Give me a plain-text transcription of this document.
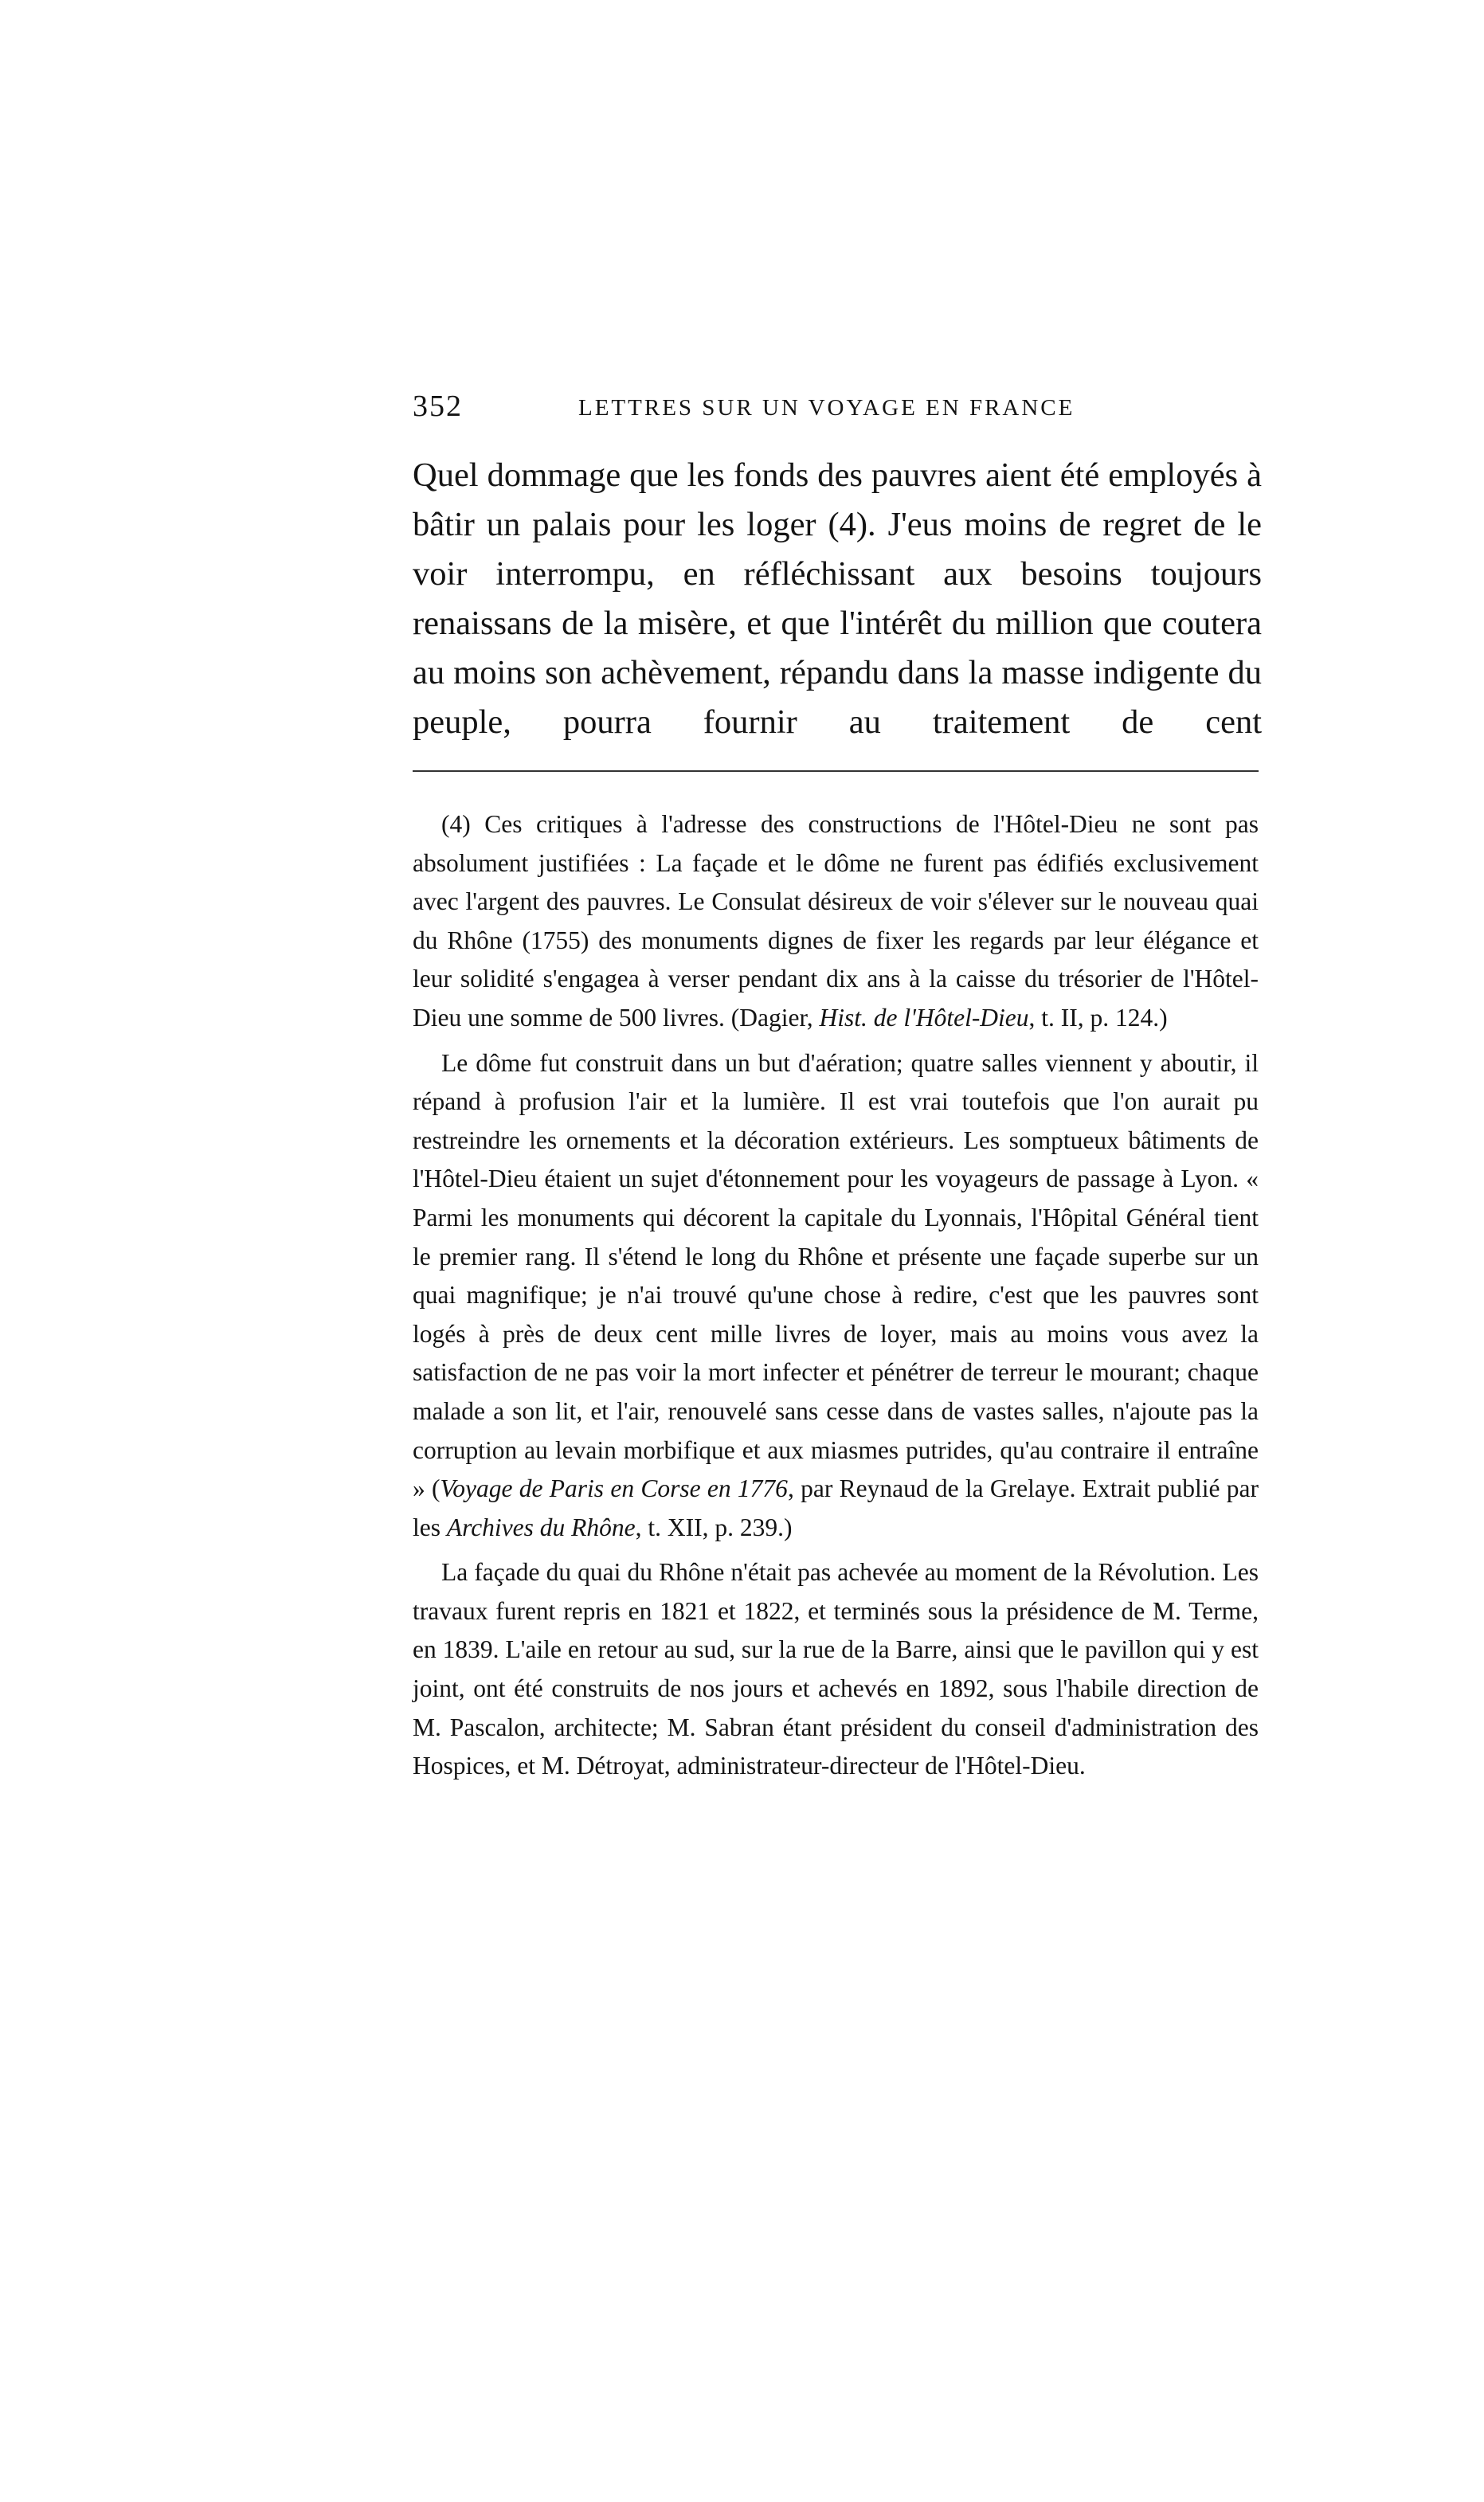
352	LETTRES SUR UN VOYAGE EN FRANCE

Quel dommage que les fonds des pauvres aient été employés à bâtir un palais pour les loger (4). J'eus moins de regret de le voir interrompu, en réfléchissant aux besoins toujours renaissans de la misère, et que l'intérêt du million que coutera au moins son achèvement, répandu dans la masse indigente du peuple, pourra fournir au traitement de cent

(4) Ces critiques à l'adresse des constructions de l'Hôtel-Dieu ne sont pas absolument justifiées : La façade et le dôme ne furent pas édifiés exclusivement avec l'argent des pauvres. Le Consulat désireux de voir s'élever sur le nouveau quai du Rhône (1755) des monuments dignes de fixer les regards par leur élégance et leur solidité s'engagea à verser pendant dix ans à la caisse du trésorier de l'Hôtel-Dieu une somme de 500 livres. (Dagier, Hist. de l'Hôtel-Dieu, t. II, p. 124.)

Le dôme fut construit dans un but d'aération; quatre salles viennent y aboutir, il répand à profusion l'air et la lumière. Il est vrai toutefois que l'on aurait pu restreindre les ornements et la décoration extérieurs. Les somptueux bâtiments de l'Hôtel-Dieu étaient un sujet d'étonnement pour les voyageurs de passage à Lyon. « Parmi les monuments qui décorent la capitale du Lyonnais, l'Hôpital Général tient le premier rang. Il s'étend le long du Rhône et présente une façade superbe sur un quai magnifique; je n'ai trouvé qu'une chose à redire, c'est que les pauvres sont logés à près de deux cent mille livres de loyer, mais au moins vous avez la satisfaction de ne pas voir la mort infecter et pénétrer de terreur le mourant; chaque malade a son lit, et l'air, renouvelé sans cesse dans de vastes salles, n'ajoute pas la corruption au levain morbifique et aux miasmes putrides, qu'au contraire il entraîne » (Voyage de Paris en Corse en 1776, par Reynaud de la Grelaye. Extrait publié par les Archives du Rhône, t. XII, p. 239.)

La façade du quai du Rhône n'était pas achevée au moment de la Révolution. Les travaux furent repris en 1821 et 1822, et terminés sous la présidence de M. Terme, en 1839. L'aile en retour au sud, sur la rue de la Barre, ainsi que le pavillon qui y est joint, ont été construits de nos jours et achevés en 1892, sous l'habile direction de M. Pascalon, architecte; M. Sabran étant président du conseil d'administration des Hospices, et M. Détroyat, administrateur-directeur de l'Hôtel-Dieu.
